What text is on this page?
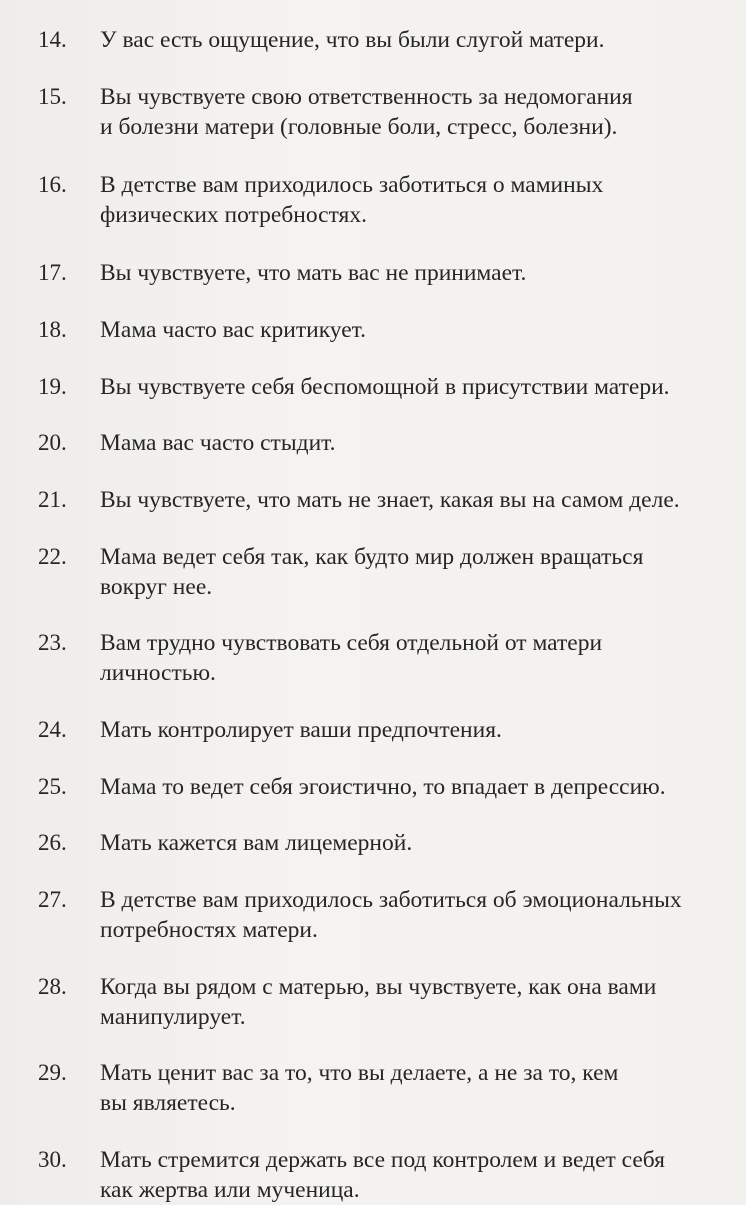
14. У вас есть ощущение, что вы были слугой матери.
15. Вы чувствуете свою ответственность за недомогания
и болезни матери (головные боли, стресс, болезни).
16. В детстве вам приходилось заботиться о маминых
физических потребностях.
17. Вы чувствуете, что мать вас не принимает.
18. Мама часто вас критикует.
19. Вы чувствуете себя беспомощной в присутствии матери.
20. Мама вас часто стыдит.
21. Вы чувствуете, что мать не знает, какая вы на самом деле.
22. Мама ведет себя так, как будто мир должен вращаться
вокруг нее.
23. Вам трудно чувствовать себя отдельной от матери
личностью.
24. Мать контролирует ваши предпочтения.
25. Мама то ведет себя эгоистично, то впадает в депрессию.
26. Мать кажется вам лицемерной.
27. В детстве вам приходилось заботиться об эмоциональных
потребностях матери.
28. Когда вы рядом с матерью, вы чувствуете, как она вами
манипулирует.
29. Мать ценит вас за то, что вы делаете, а не за то, кем
вы являетесь.
30. Мать стремится держать все под контролем и ведет себя
как жертва или мученица.
